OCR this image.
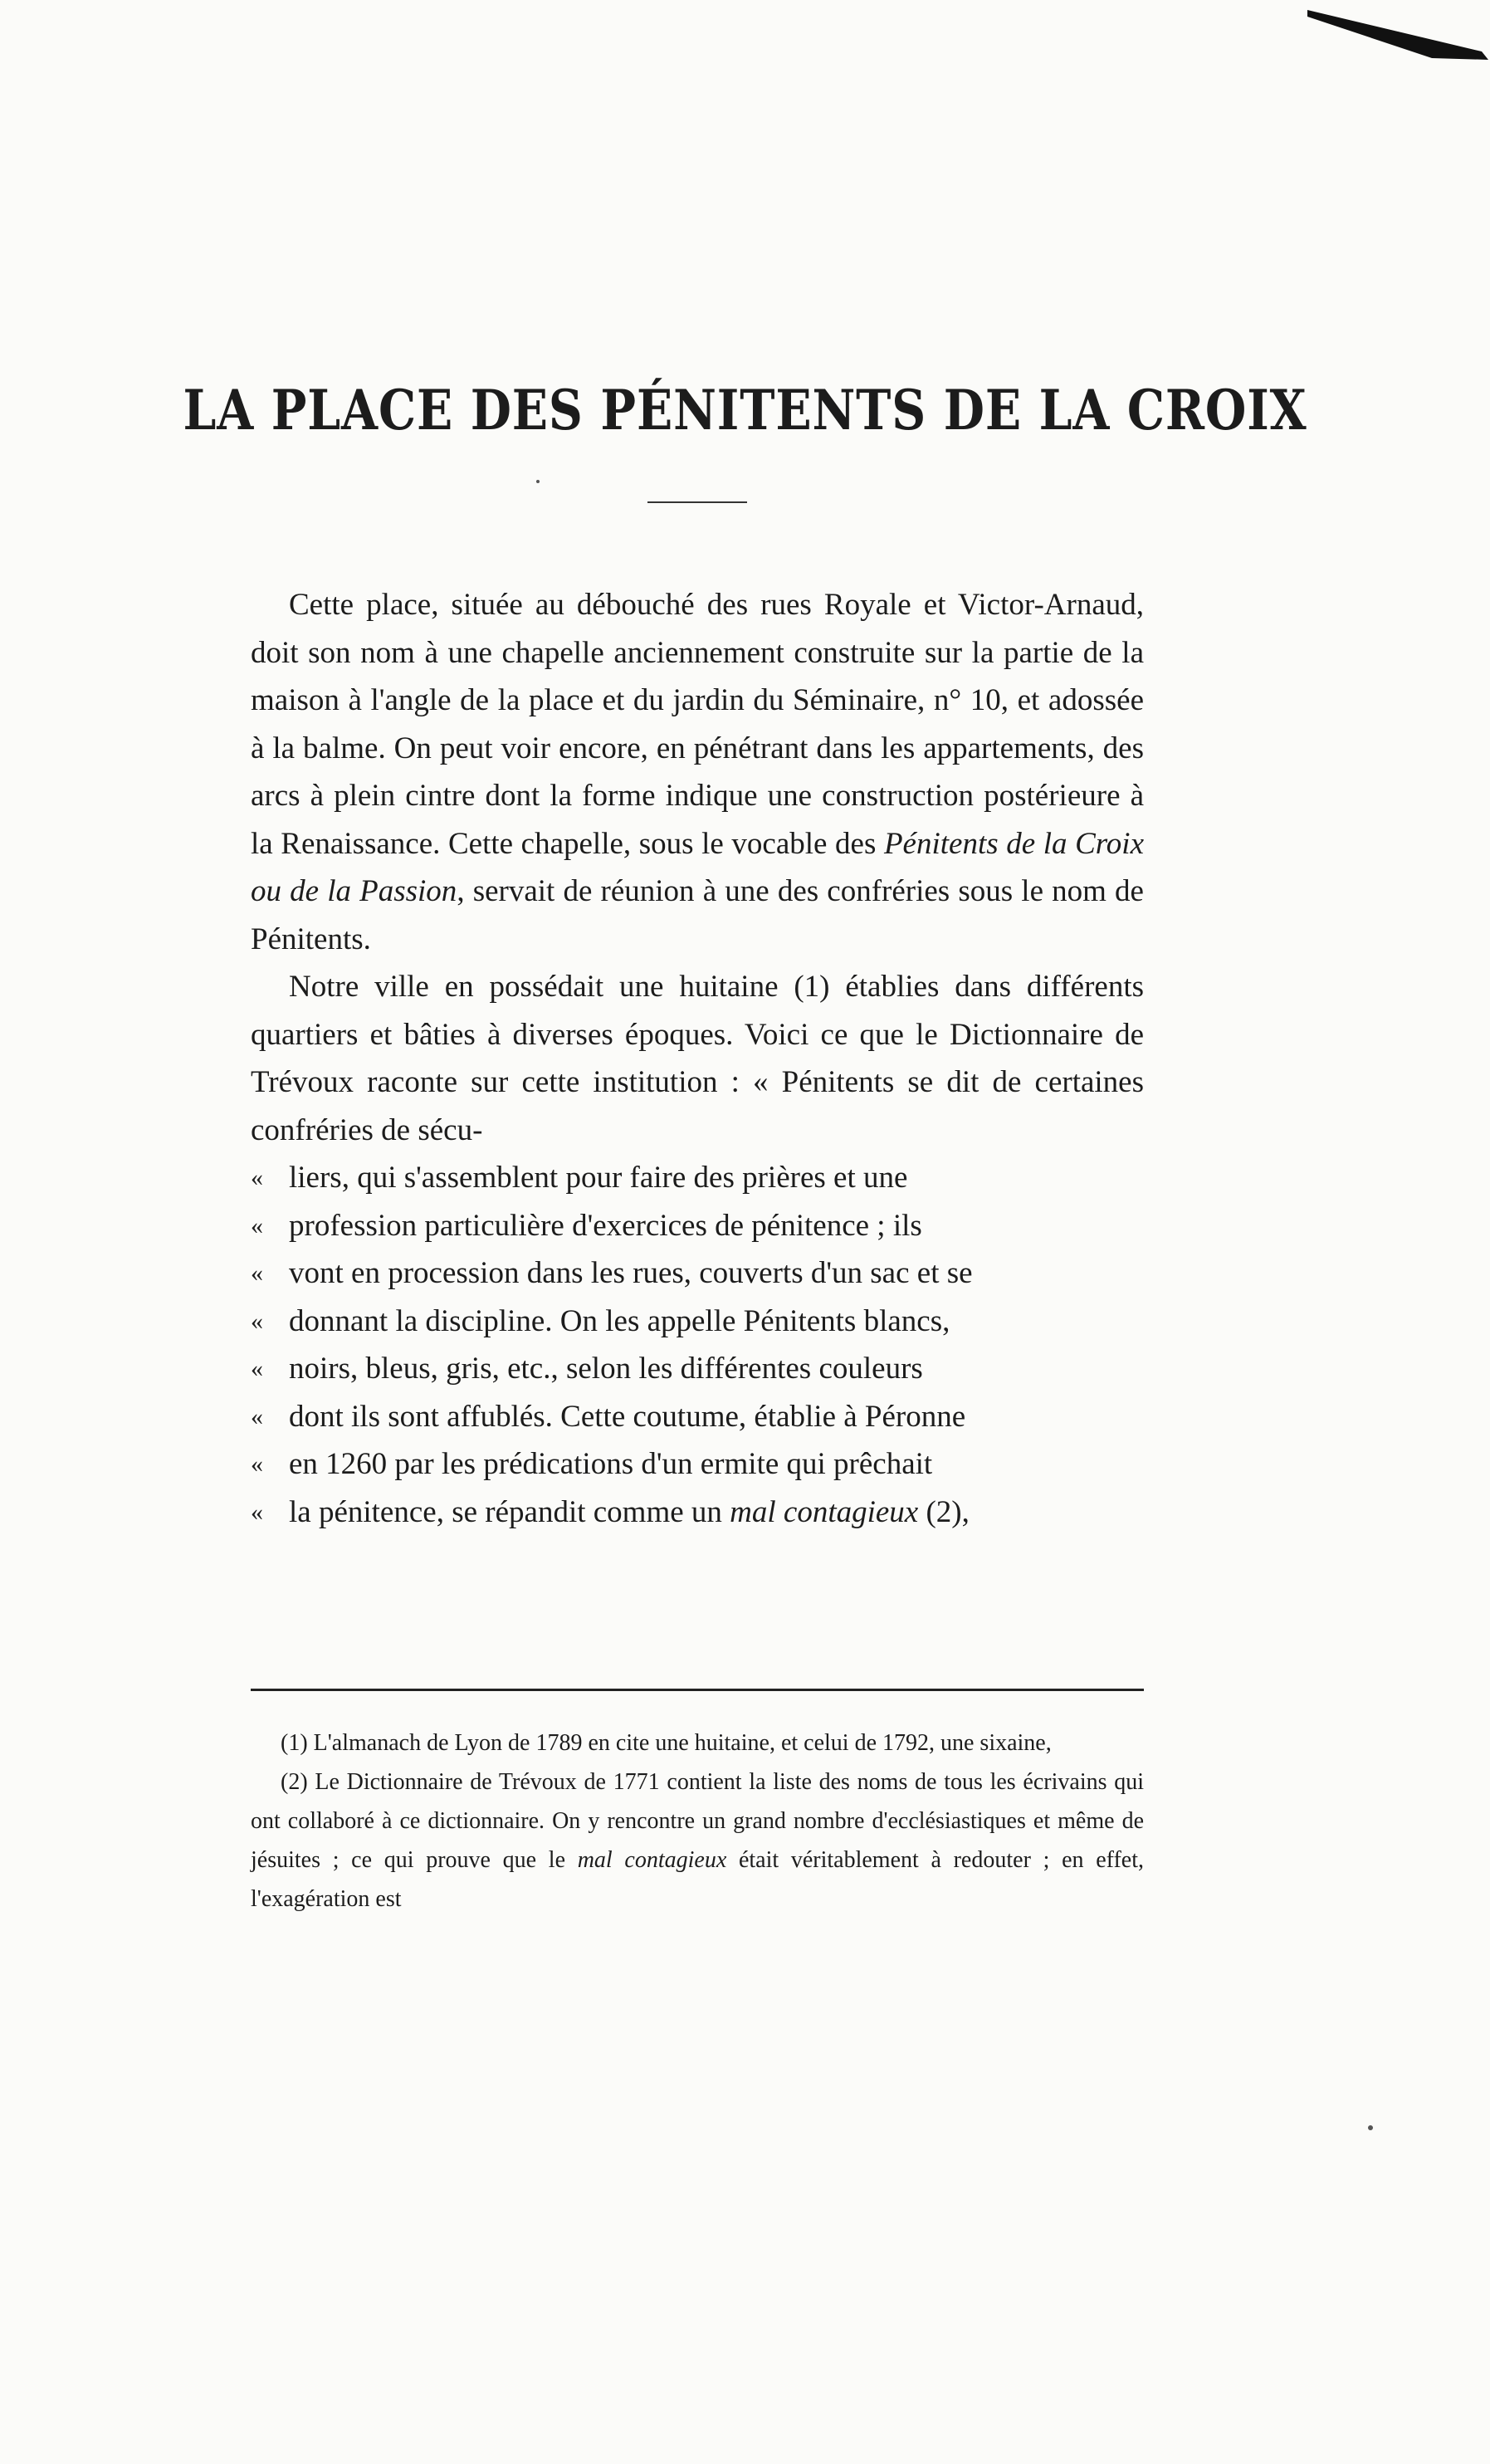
LA PLACE DES PÉNITENTS DE LA CROIX

Cette place, située au débouché des rues Royale et Victor-Arnaud, doit son nom à une chapelle anciennement construite sur la partie de la maison à l'angle de la place et du jardin du Séminaire, n° 10, et adossée à la balme. On peut voir encore, en pénétrant dans les appartements, des arcs à plein cintre dont la forme indique une construction postérieure à la Renaissance. Cette chapelle, sous le vocable des Pénitents de la Croix ou de la Passion, servait de réunion à une des confréries sous le nom de Pénitents.

Notre ville en possédait une huitaine (1) établies dans différents quartiers et bâties à diverses époques. Voici ce que le Dictionnaire de Trévoux raconte sur cette institution : « Pénitents se dit de certaines confréries de sécu-

« liers, qui s'assemblent pour faire des prières et une
« profession particulière d'exercices de pénitence ; ils
« vont en procession dans les rues, couverts d'un sac et se
« donnant la discipline. On les appelle Pénitents blancs,
« noirs, bleus, gris, etc., selon les différentes couleurs
« dont ils sont affublés. Cette coutume, établie à Péronne
« en 1260 par les prédications d'un ermite qui prêchait
« la pénitence, se répandit comme un mal contagieux (2),

(1) L'almanach de Lyon de 1789 en cite une huitaine, et celui de 1792, une sixaine,

(2) Le Dictionnaire de Trévoux de 1771 contient la liste des noms de tous les écrivains qui ont collaboré à ce dictionnaire. On y rencontre un grand nombre d'ecclésiastiques et même de jésuites ; ce qui prouve que le mal contagieux était véritablement à redouter ; en effet, l'exagération est
